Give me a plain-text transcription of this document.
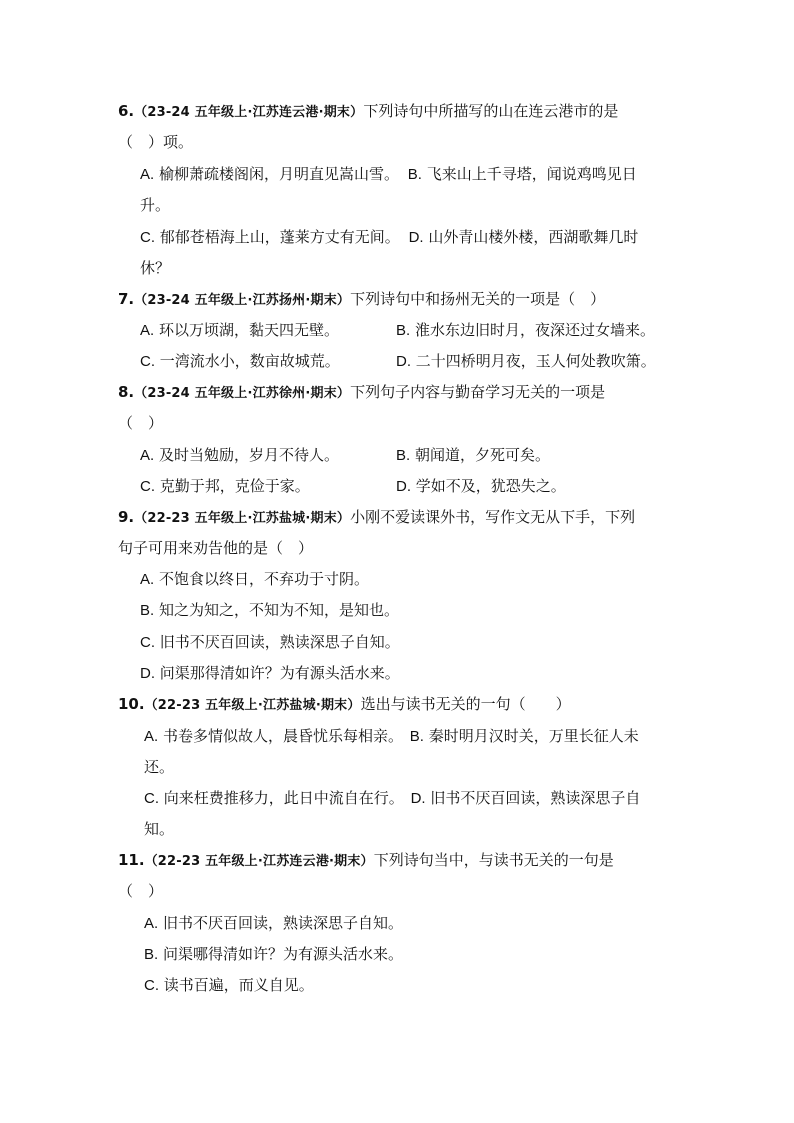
6.（23-24 五年级上·江苏连云港·期末）下列诗句中所描写的山在连云港市的是
（　）项。
A. 榆柳萧疏楼阁闲，月明直见嵩山雪。 B. 飞来山上千寻塔，闻说鸡鸣见日
升。
C. 郁郁苍梧海上山，蓬莱方丈有无间。 D. 山外青山楼外楼，西湖歌舞几时
休？
7.（23-24 五年级上·江苏扬州·期末）下列诗句中和扬州无关的一项是（　）
A. 环以万顷湖，黏天四无壁。	B. 淮水东边旧时月，夜深还过女墙来。
C. 一湾流水小，数亩故城荒。	D. 二十四桥明月夜，玉人何处教吹箫。
8.（23-24 五年级上·江苏徐州·期末）下列句子内容与勤奋学习无关的一项是
（　）
A. 及时当勉励，岁月不待人。	B. 朝闻道，夕死可矣。
C. 克勤于邦，克俭于家。	D. 学如不及，犹恐失之。
9.（22-23 五年级上·江苏盐城·期末）小刚不爱读课外书，写作文无从下手，下列
句子可用来劝告他的是（　）
A. 不饱食以终日，不弃功于寸阴。
B. 知之为知之，不知为不知，是知也。
C. 旧书不厌百回读，熟读深思子自知。
D. 问渠那得清如许？为有源头活水来。
10.（22-23 五年级上·江苏盐城·期末）选出与读书无关的一句（　　）
A. 书卷多情似故人，晨昏忧乐每相亲。 B. 秦时明月汉时关，万里长征人未
还。
C. 向来枉费推移力，此日中流自在行。 D. 旧书不厌百回读，熟读深思子自
知。
11.（22-23 五年级上·江苏连云港·期末）下列诗句当中，与读书无关的一句是
（　）
A. 旧书不厌百回读，熟读深思子自知。
B. 问渠哪得清如许？为有源头活水来。
C. 读书百遍，而义自见。
